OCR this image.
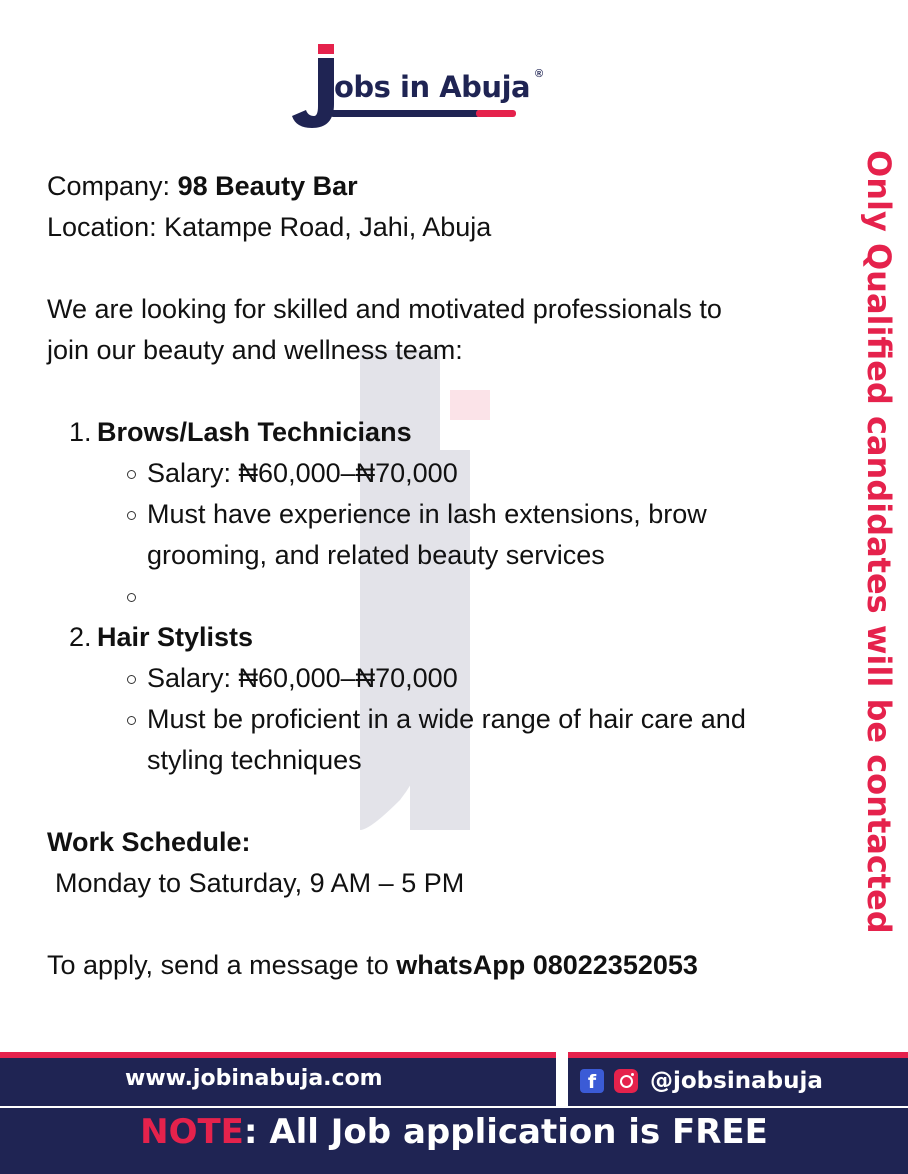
obs in Abuja ®
Only Qualified candidates will be contacted

Company: 98 Beauty Bar

Location: Katampe Road, Jahi, Abuja

We are looking for skilled and motivated professionals to

join our beauty and wellness team:

1. Brows/Lash Technicians
Salary: ₦60,000–₦70,000
Must have experience in lash extensions, brow grooming, and related beauty services

2. Hair Stylists
Salary: ₦60,000–₦70,000
Must be proficient in a wide range of hair care and styling techniques

Work Schedule:

Monday to Saturday, 9 AM – 5 PM

To apply, send a message to whatsApp 08022352053

www.jobinabuja.com	f	@jobsinabuja
NOTE: All Job application is FREE
